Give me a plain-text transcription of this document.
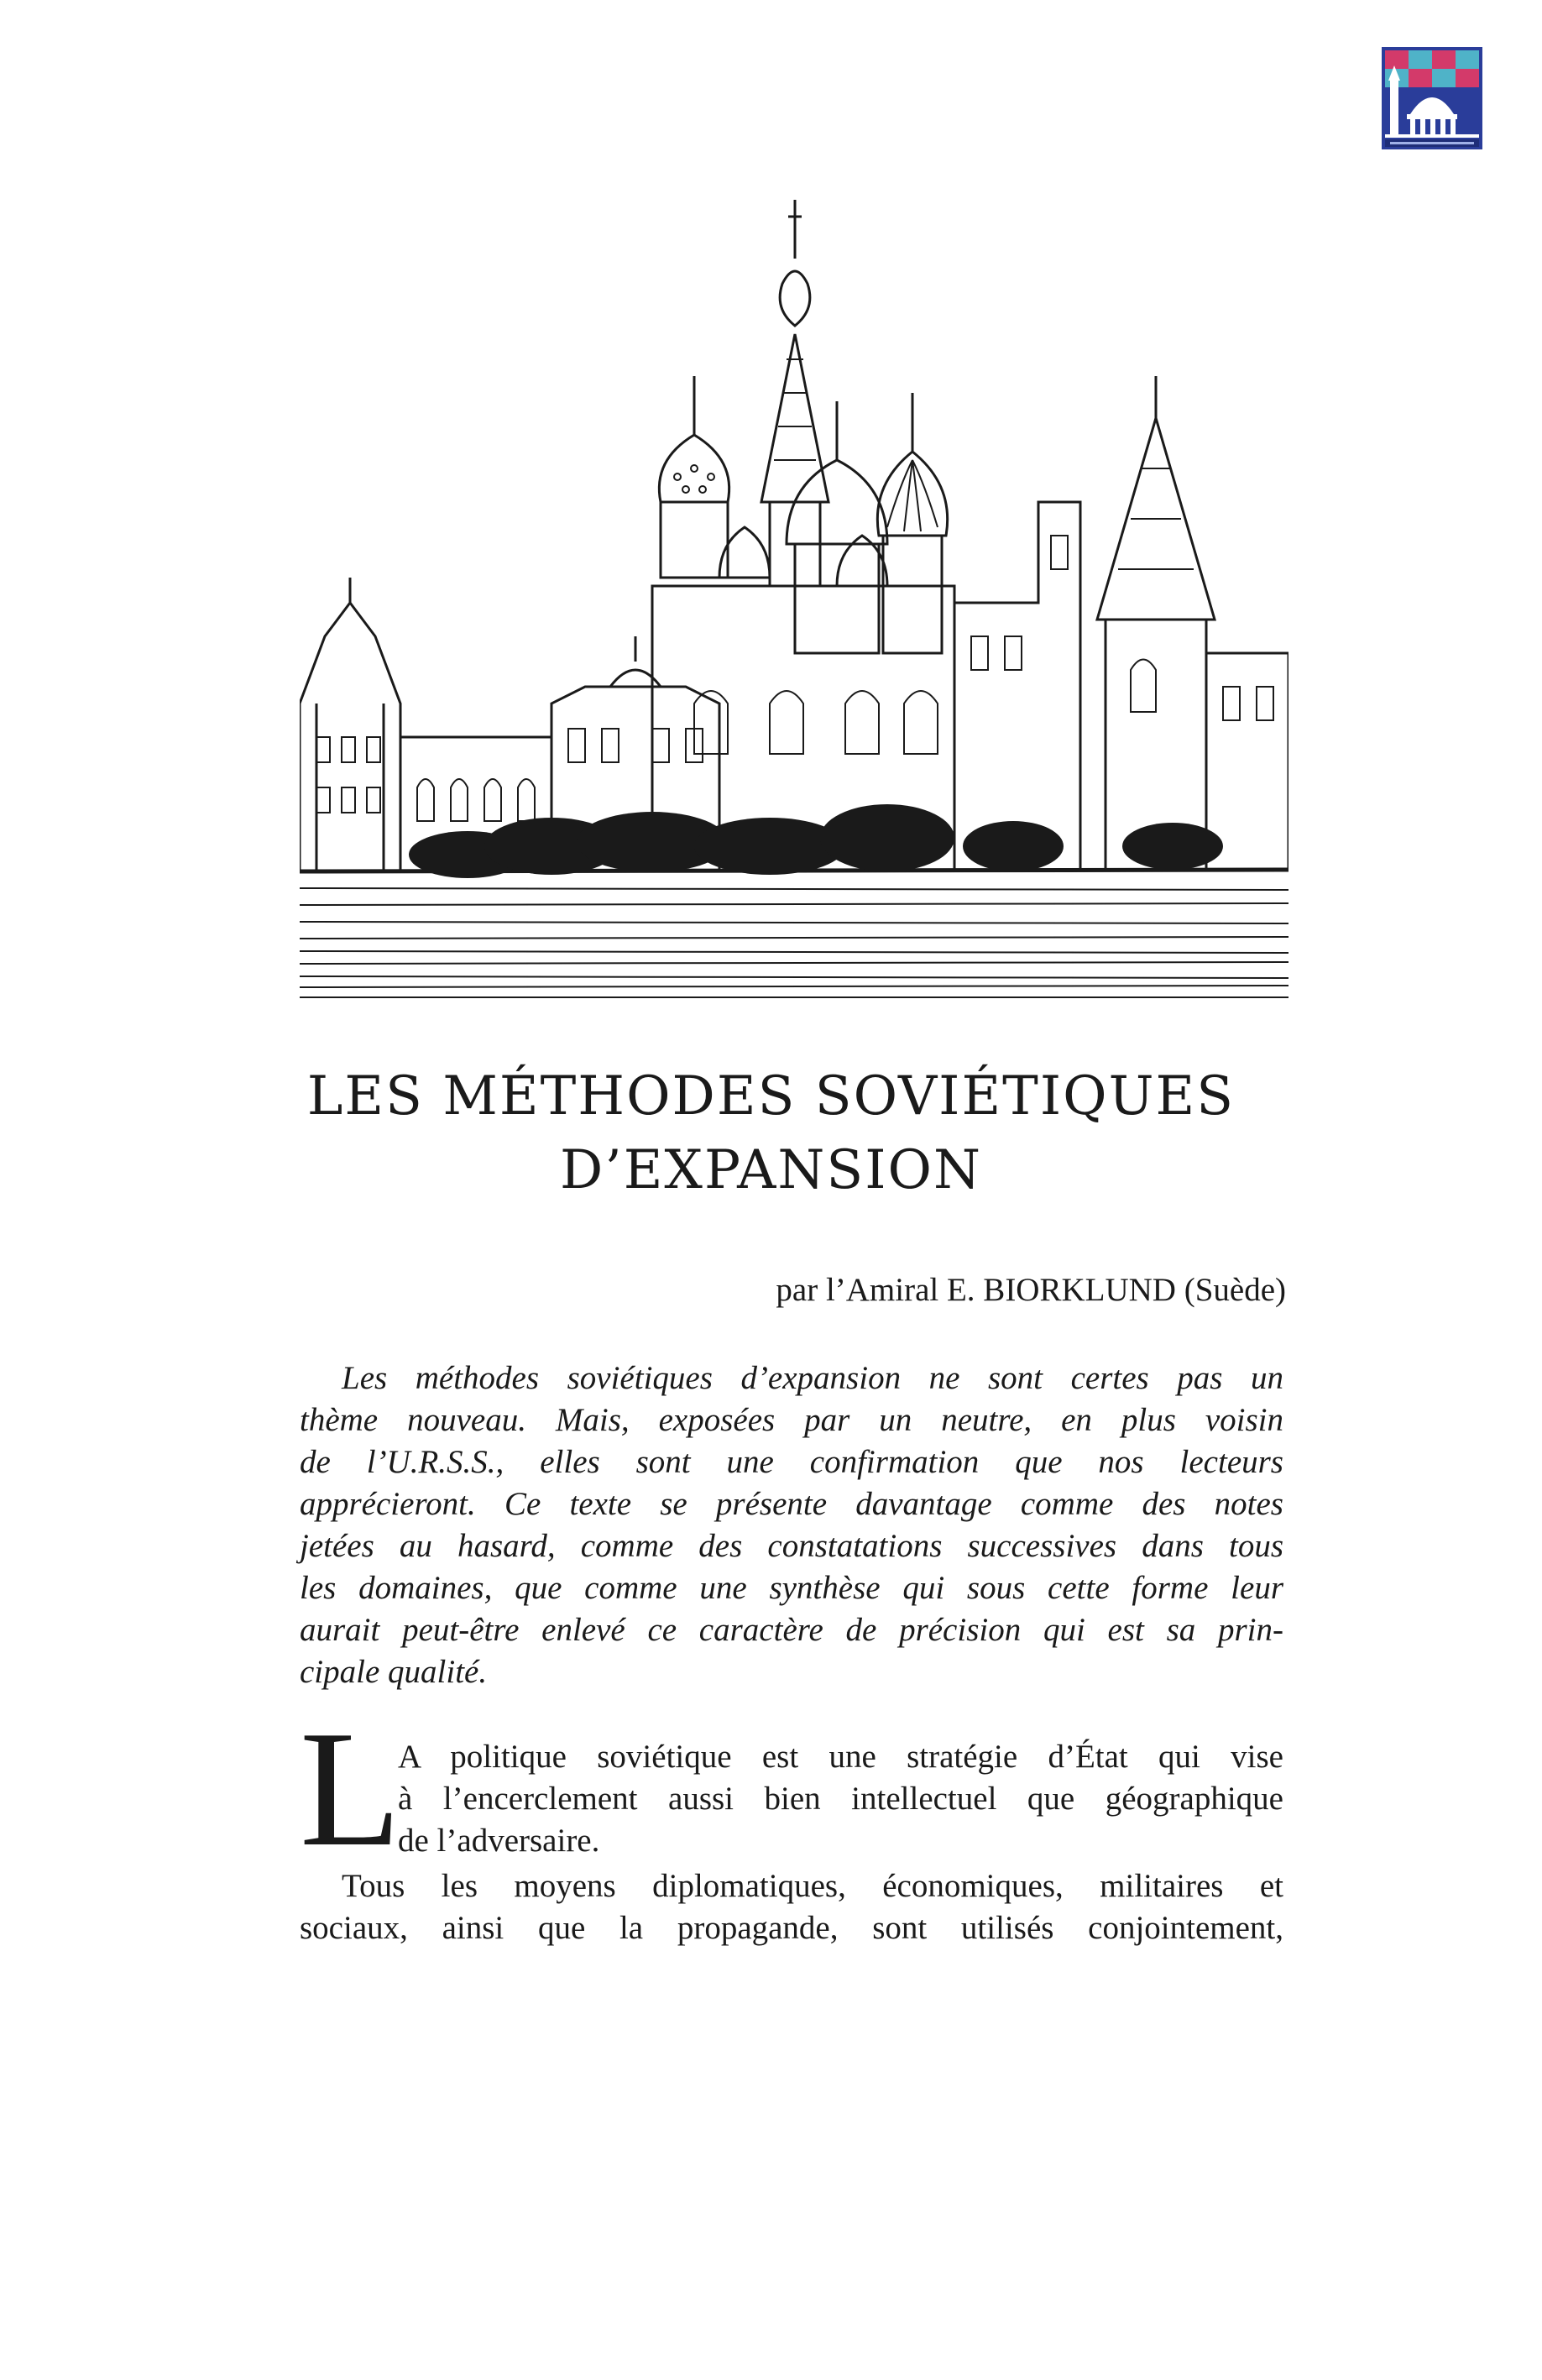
LES MÉTHODES SOVIÉTIQUES
D’EXPANSION
par l’Amiral E. BIORKLUND (Suède)
Les méthodes soviétiques d’expansion ne sont certes pas un
thème nouveau. Mais, exposées par un neutre, en plus voisin
de l’U.R.S.S., elles sont une confirmation que nos lecteurs
apprécieront. Ce texte se présente davantage comme des notes
jetées au hasard, comme des constatations successives dans tous
les domaines, que comme une synthèse qui sous cette forme leur
aurait peut-être enlevé ce caractère de précision qui est sa prin-
cipale qualité.
L
A politique soviétique est une stratégie d’État qui vise
à l’encerclement aussi bien intellectuel que géographique
de l’adversaire.
Tous les moyens diplomatiques, économiques, militaires et
sociaux, ainsi que la propagande, sont utilisés conjointement,
